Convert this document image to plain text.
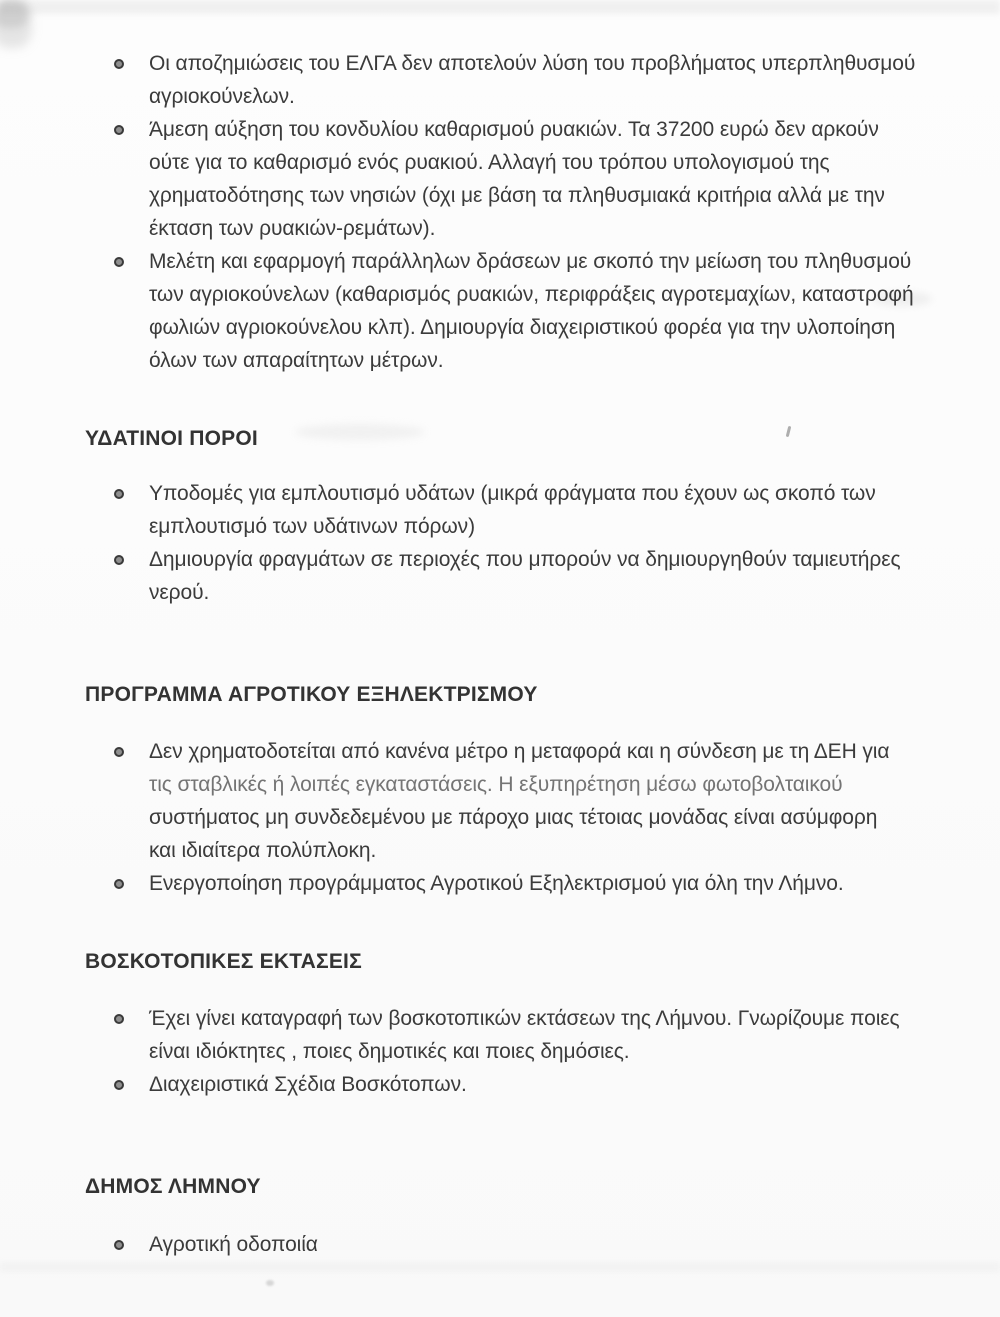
Οι αποζημιώσεις του ΕΛΓΑ δεν αποτελούν λύση του προβλήματος υπερπληθυσμού
αγριοκούνελων.
Άμεση αύξηση του κονδυλίου καθαρισμού ρυακιών. Τα 37200 ευρώ δεν αρκούν
ούτε για το καθαρισμό ενός ρυακιού. Αλλαγή του τρόπου υπολογισμού της
χρηματοδότησης των νησιών (όχι με βάση τα πληθυσμιακά κριτήρια αλλά με την
έκταση των ρυακιών-ρεμάτων).
Μελέτη και εφαρμογή παράλληλων δράσεων με σκοπό την μείωση του πληθυσμού
των αγριοκούνελων (καθαρισμός ρυακιών, περιφράξεις αγροτεμαχίων, καταστροφή
φωλιών αγριοκούνελου κλπ). Δημιουργία διαχειριστικού φορέα για την υλοποίηση
όλων των απαραίτητων μέτρων.
ΥΔΑΤΙΝΟΙ ΠΟΡΟΙ
Υποδομές για εμπλουτισμό υδάτων (μικρά φράγματα που έχουν ως σκοπό των
εμπλουτισμό των υδάτινων πόρων)
Δημιουργία φραγμάτων σε περιοχές που μπορούν να δημιουργηθούν ταμιευτήρες
νερού.
ΠΡΟΓΡΑΜΜΑ ΑΓΡΟΤΙΚΟΥ ΕΞΗΛΕΚΤΡΙΣΜΟΥ
Δεν χρηματοδοτείται από κανένα μέτρο η μεταφορά και η σύνδεση με τη ΔΕΗ για
τις σταβλικές ή λοιπές εγκαταστάσεις. Η εξυπηρέτηση μέσω φωτοβολταικού
συστήματος μη συνδεδεμένου με πάροχο μιας τέτοιας μονάδας είναι ασύμφορη
και ιδιαίτερα πολύπλοκη.
Ενεργοποίηση προγράμματος Αγροτικού Εξηλεκτρισμού για όλη την Λήμνο.
ΒΟΣΚΟΤΟΠΙΚΕΣ ΕΚΤΑΣΕΙΣ
Έχει γίνει καταγραφή των βοσκοτοπικών εκτάσεων της Λήμνου. Γνωρίζουμε ποιες
είναι ιδιόκτητες , ποιες δημοτικές και ποιες δημόσιες.
Διαχειριστικά Σχέδια Βοσκότοπων.
ΔΗΜΟΣ ΛΗΜΝΟΥ
Αγροτική οδοποιία
